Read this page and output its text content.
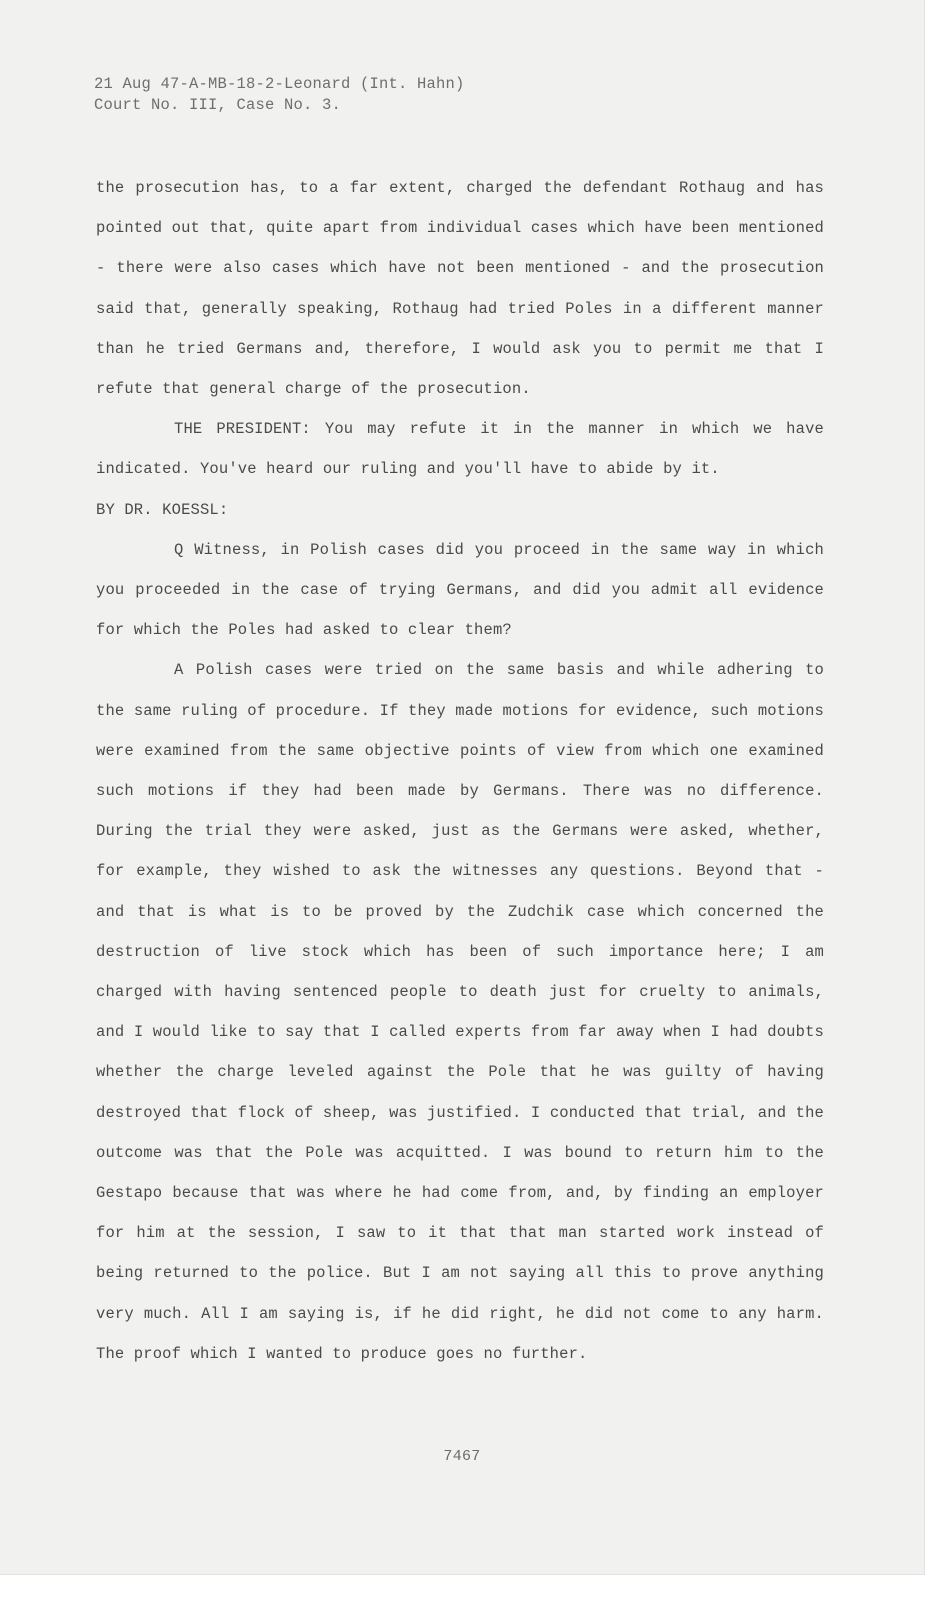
21 Aug 47-A-MB-18-2-Leonard (Int. Hahn)
Court No. III, Case No. 3.

the prosecution has, to a far extent, charged the defendant Rothaug and has pointed out that, quite apart from individual cases which have been mentioned - there were also cases which have not been mentioned - and the prosecution said that, generally speaking, Rothaug had tried Poles in a different manner than he tried Germans and, therefore, I would ask you to permit me that I refute that general charge of the prosecution.

THE PRESIDENT: You may refute it in the manner in which we have indicated. You've heard our ruling and you'll have to abide by it.

BY DR. KOESSL:

Q Witness, in Polish cases did you proceed in the same way in which you proceeded in the case of trying Germans, and did you admit all evidence for which the Poles had asked to clear them?

A Polish cases were tried on the same basis and while adhering to the same ruling of procedure. If they made motions for evidence, such motions were examined from the same objective points of view from which one examined such motions if they had been made by Germans. There was no difference. During the trial they were asked, just as the Germans were asked, whether, for example, they wished to ask the witnesses any questions. Beyond that - and that is what is to be proved by the Zudchik case which concerned the destruction of live stock which has been of such importance here; I am charged with having sentenced people to death just for cruelty to animals, and I would like to say that I called experts from far away when I had doubts whether the charge leveled against the Pole that he was guilty of having destroyed that flock of sheep, was justified. I conducted that trial, and the outcome was that the Pole was acquitted. I was bound to return him to the Gestapo because that was where he had come from, and, by finding an employer for him at the session, I saw to it that that man started work instead of being returned to the police. But I am not saying all this to prove anything very much. All I am saying is, if he did right, he did not come to any harm. The proof which I wanted to produce goes no further.

7467
